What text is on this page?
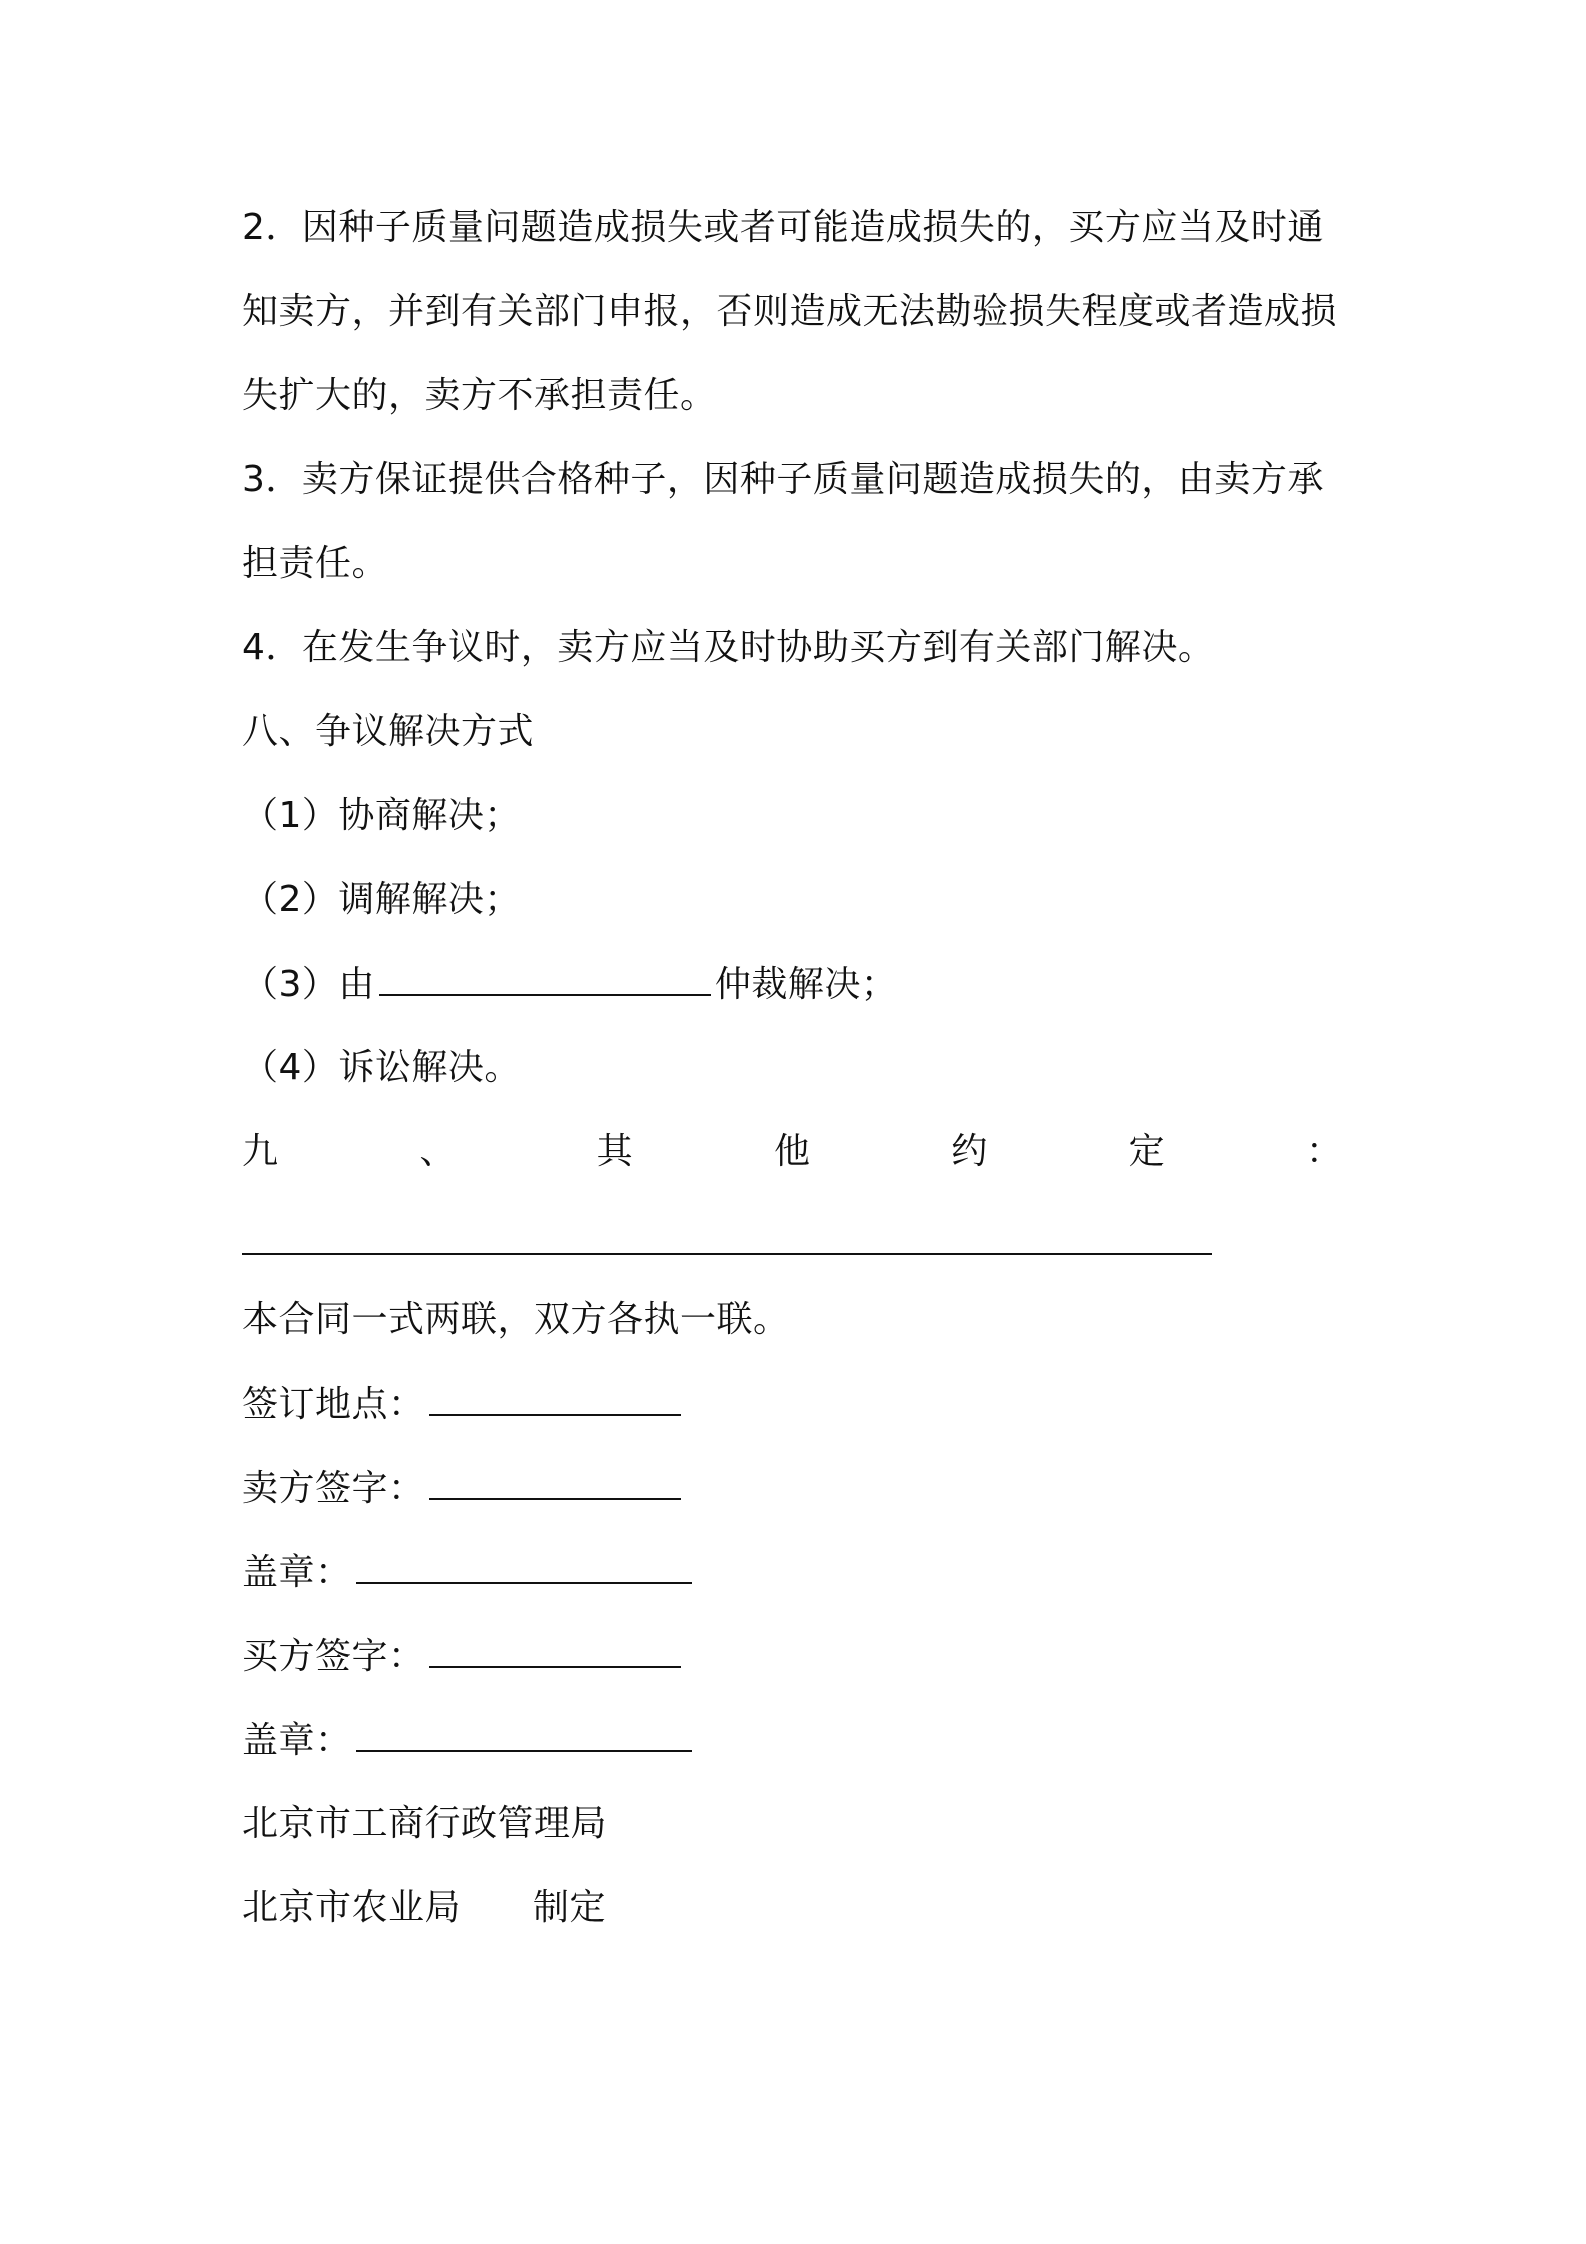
2．因种子质量问题造成损失或者可能造成损失的，买方应当及时通
知卖方，并到有关部门申报，否则造成无法勘验损失程度或者造成损
失扩大的，卖方不承担责任。
3．卖方保证提供合格种子，因种子质量问题造成损失的，由卖方承
担责任。
4．在发生争议时，卖方应当及时协助买方到有关部门解决。
八、争议解决方式
（1）协商解决；
（2）调解解决；
（3）由	仲裁解决；
（4）诉讼解决。
九	、	其	他	约	定	：
本合同一式两联，双方各执一联。
签订地点：
卖方签字：
盖章：
买方签字：
盖章：
北京市工商行政管理局
北京市农业局 制定
